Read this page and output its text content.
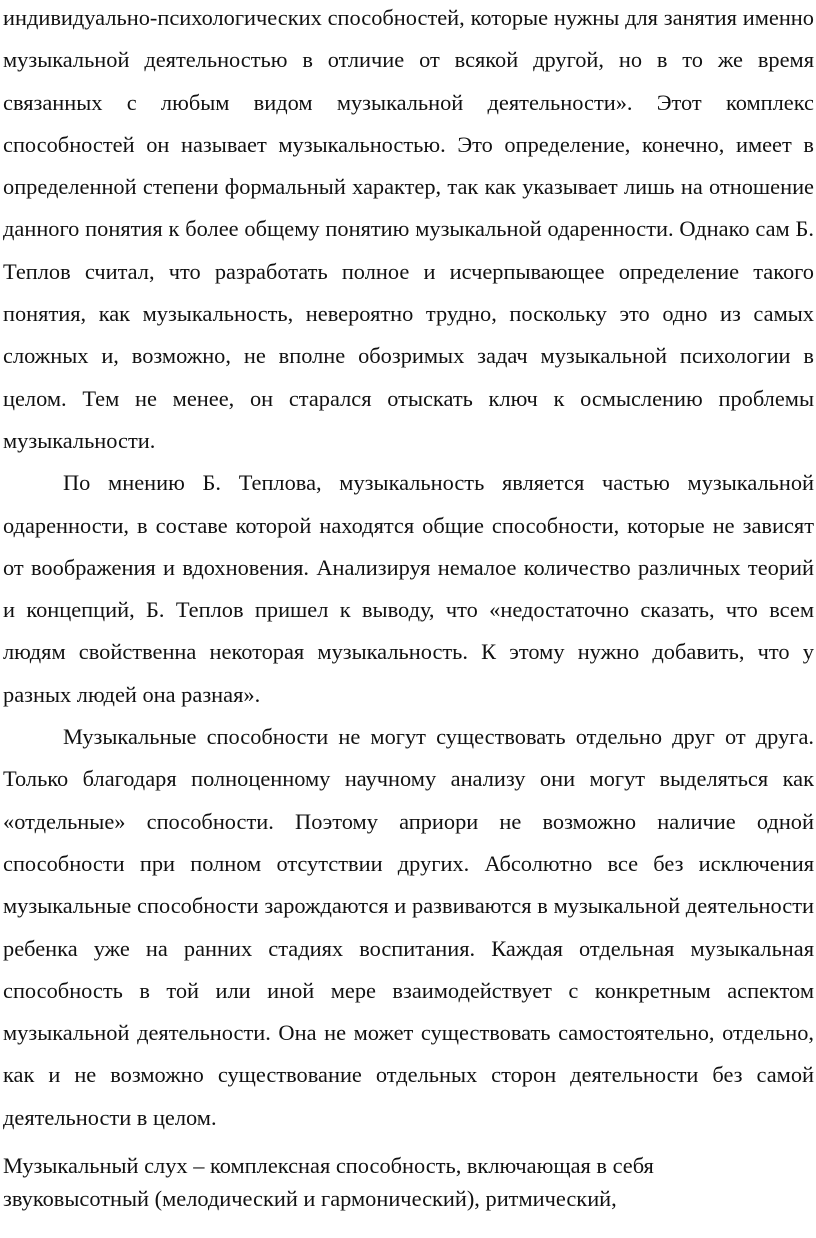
индивидуально-психологических способностей, которые нужны для занятия именно музыкальной деятельностью в отличие от всякой другой, но в то же время связанных с любым видом музыкальной деятельности». Этот комплекс способностей он называет музыкальностью. Это определение, конечно, имеет в определенной степени формальный характер, так как указывает лишь на отношение данного понятия к более общему понятию музыкальной одаренности. Однако сам Б. Теплов считал, что разработать полное и исчерпывающее определение такого понятия, как музыкальность, невероятно трудно, поскольку это одно из самых сложных и, возможно, не вполне обозримых задач музыкальной психологии в целом. Тем не менее, он старался отыскать ключ к осмыслению проблемы музыкальности.

По мнению Б. Теплова, музыкальность является частью музыкальной одаренности, в составе которой находятся общие способности, которые не зависят от воображения и вдохновения. Анализируя немалое количество различных теорий и концепций, Б. Теплов пришел к выводу, что «недостаточно сказать, что всем людям свойственна некоторая музыкальность. К этому нужно добавить, что у разных людей она разная».

Музыкальные способности не могут существовать отдельно друг от друга. Только благодаря полноценному научному анализу они могут выделяться как «отдельные» способности. Поэтому априори не возможно наличие одной способности при полном отсутствии других. Абсолютно все без исключения музыкальные способности зарождаются и развиваются в музыкальной деятельности ребенка уже на ранних стадиях воспитания. Каждая отдельная музыкальная способность в той или иной мере взаимодействует с конкретным аспектом музыкальной деятельности. Она не может существовать самостоятельно, отдельно, как и не возможно существование отдельных сторон деятельности без самой деятельности в целом.

Музыкальный слух – комплексная способность, включающая в себя
звуковысотный (мелодический и гармонический), ритмический,
